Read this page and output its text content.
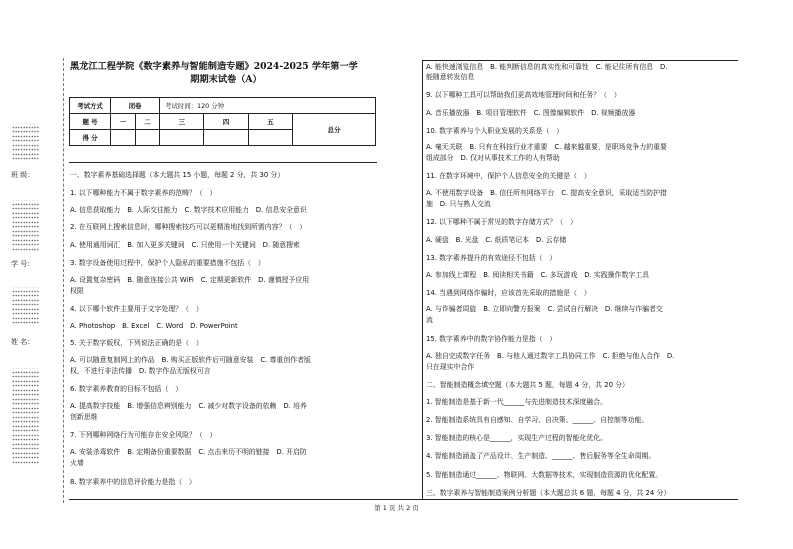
**********
**********
**********
**********
**********
**********
**********
**********
**********
班 级：
**********
**********
**********
**********
**********
**********
**********
**********
**********
**********
**********
**********
学 号：
**********
**********
**********
**********
**********
**********
**********
**********
**********
姓 名：
**********
**********
**********
**********
**********
**********
**********
**********
**********
**********
**********
**********
**********
**********
**********
**********
**********
**********
**********
**********
**********
**********
黑龙江工程学院《数字素养与智能制造专题》2024-2025 学年第一学
期期末试卷（A）
考试方式	闭卷		考试时间：120 分钟			
题 号	一	二	三	四	五	总分
得 分						
一、数字素养基础选择题（本大题共 15 小题，每题 2 分，共 30 分）
1. 以下哪种能力不属于数字素养的范畴？（　）
A. 信息获取能力　B. 人际交往能力　C. 数字技术应用能力　D. 信息安全意识
2. 在互联网上搜索信息时，哪种搜索技巧可以更精准地找到所需内容？（　）
A. 使用通用词汇　B. 加入更多关键词　C. 只使用一个关键词　D. 随意搜索
3. 数字设备使用过程中，保护个人隐私的重要措施不包括（　）
A. 设置复杂密码　B. 随意连接公共 WiFi　C. 定期更新软件　D. 谨慎授予应用
权限
4. 以下哪个软件主要用于文字处理？（　）
A. Photoshop　B. Excel　C. Word　D. PowerPoint
5. 关于数字版权，下列说法正确的是（　）
A. 可以随意复制网上的作品　B. 购买正版软件后可随意安装　C. 尊重创作者版
权，不进行非法传播　D. 数字作品无版权可言
6. 数字素养教育的目标不包括（　）
A. 提高数字技能　B. 增强信息辨别能力　C. 减少对数字设备的依赖　D. 培养
创新思维
7. 下列哪种网络行为可能存在安全风险？（　）
A. 安装杀毒软件　B. 定期备份重要数据　C. 点击来历不明的链接　D. 开启防
火墙
8. 数字素养中的信息评价能力是指（　）
A. 能快速浏览信息　B. 能判断信息的真实性和可靠性　C. 能记住所有信息　D.
能随意转发信息
9. 以下哪种工具可以帮助我们更高效地管理时间和任务？（　）
A. 音乐播放器　B. 项目管理软件　C. 图像编辑软件　D. 视频播放器
10. 数字素养与个人职业发展的关系是（　）
A. 毫无关联　B. 只有在科技行业才重要　C. 越来越重要，是职场竞争力的重要
组成部分　D. 仅对从事技术工作的人有帮助
11. 在数字环境中，保护个人信息安全的关键是（　）
A. 不使用数字设备　B. 信任所有网络平台　C. 提高安全意识，采取适当防护措
施　D. 只与熟人交流
12. 以下哪种不属于常见的数字存储方式？（　）
A. 硬盘　B. 光盘　C. 纸质笔记本　D. 云存储
13. 数字素养提升的有效途径不包括（　）
A. 参加线上课程　B. 阅读相关书籍　C. 多玩游戏　D. 实践操作数字工具
14. 当遇到网络诈骗时，应该首先采取的措施是（　）
A. 与诈骗者周旋　B. 立即向警方报案　C. 尝试自行解决　D. 继续与诈骗者交
流
15. 数字素养中的数字协作能力是指（　）
A. 独自完成数字任务　B. 与他人通过数字工具协同工作　C. 拒绝与他人合作　D.
只在现实中合作
二、智能制造概念填空题（本大题共 5 题，每题 4 分，共 20 分）
1. 智能制造是基于新一代______与先进制造技术深度融合。
2. 智能制造系统具有自感知、自学习、自决策、______、自控制等功能。
3. 智能制造的核心是______，实现生产过程的智能化优化。
4. 智能制造涵盖了产品设计、生产制造、______、售后服务等全生命周期。
5. 智能制造通过______、物联网、大数据等技术，实现制造资源的优化配置。
三、数字素养与智能制造案例分析题（本大题总共 6 题，每题 4 分，共 24 分）
第 1 页 共 2 页
